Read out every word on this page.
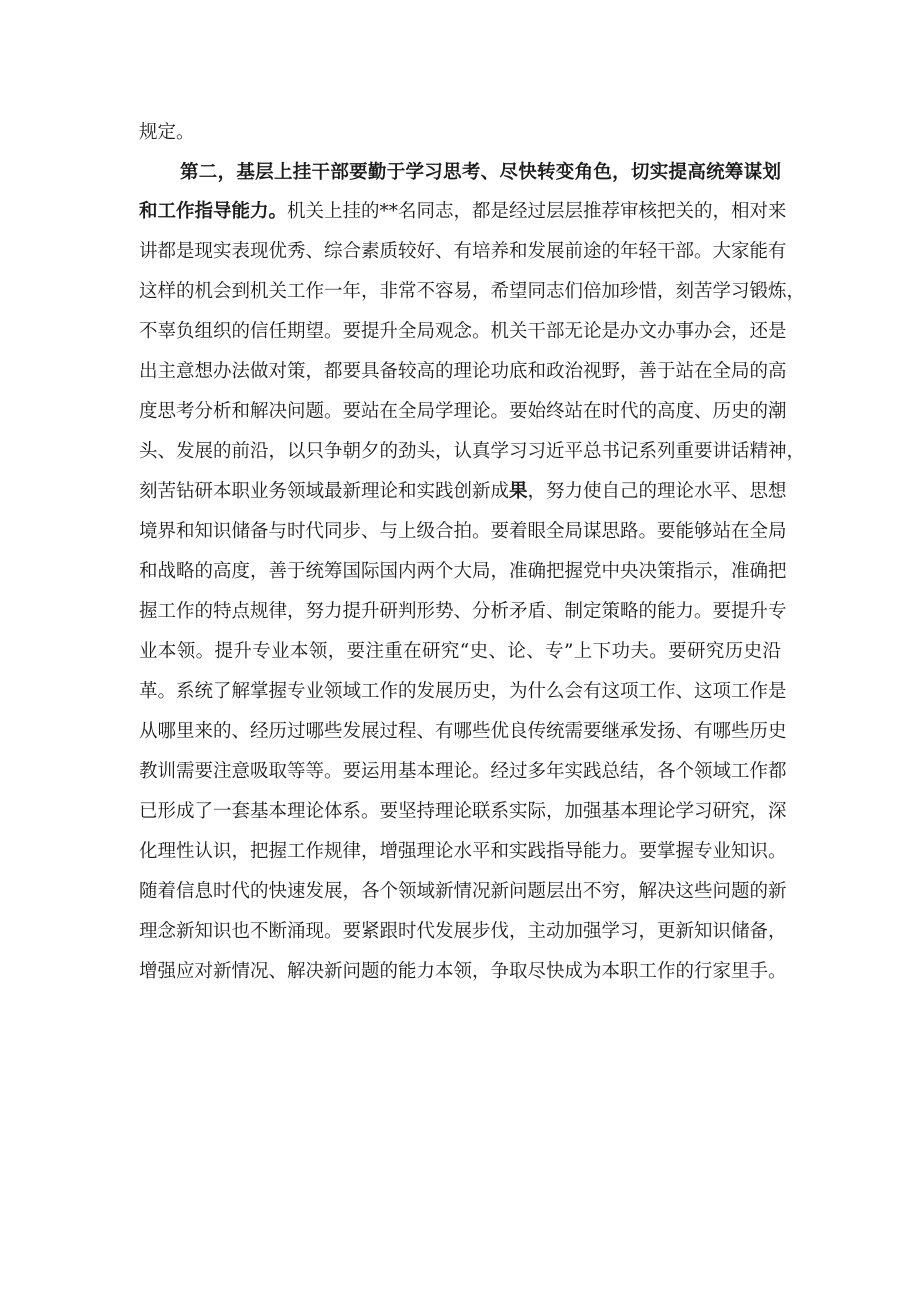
规定。
第二，基层上挂干部要勤于学习思考、尽快转变角色，切实提高统筹谋划
和工作指导能力。机关上挂的**名同志，都是经过层层推荐审核把关的，相对来
讲都是现实表现优秀、综合素质较好、有培养和发展前途的年轻干部。大家能有
这样的机会到机关工作一年，非常不容易，希望同志们倍加珍惜，刻苦学习锻炼，
不辜负组织的信任期望。要提升全局观念。机关干部无论是办文办事办会，还是
出主意想办法做对策，都要具备较高的理论功底和政治视野，善于站在全局的高
度思考分析和解决问题。要站在全局学理论。要始终站在时代的高度、历史的潮
头、发展的前沿，以只争朝夕的劲头，认真学习习近平总书记系列重要讲话精神，
刻苦钻研本职业务领域最新理论和实践创新成果，努力使自己的理论水平、思想
境界和知识储备与时代同步、与上级合拍。要着眼全局谋思路。要能够站在全局
和战略的高度，善于统筹国际国内两个大局，准确把握党中央决策指示，准确把
握工作的特点规律，努力提升研判形势、分析矛盾、制定策略的能力。要提升专
业本领。提升专业本领，要注重在研究“史、论、专”上下功夫。要研究历史沿
革。系统了解掌握专业领域工作的发展历史，为什么会有这项工作、这项工作是
从哪里来的、经历过哪些发展过程、有哪些优良传统需要继承发扬、有哪些历史
教训需要注意吸取等等。要运用基本理论。经过多年实践总结，各个领域工作都
已形成了一套基本理论体系。要坚持理论联系实际，加强基本理论学习研究，深
化理性认识，把握工作规律，增强理论水平和实践指导能力。要掌握专业知识。
随着信息时代的快速发展，各个领域新情况新问题层出不穷，解决这些问题的新
理念新知识也不断涌现。要紧跟时代发展步伐，主动加强学习，更新知识储备，
增强应对新情况、解决新问题的能力本领，争取尽快成为本职工作的行家里手。
